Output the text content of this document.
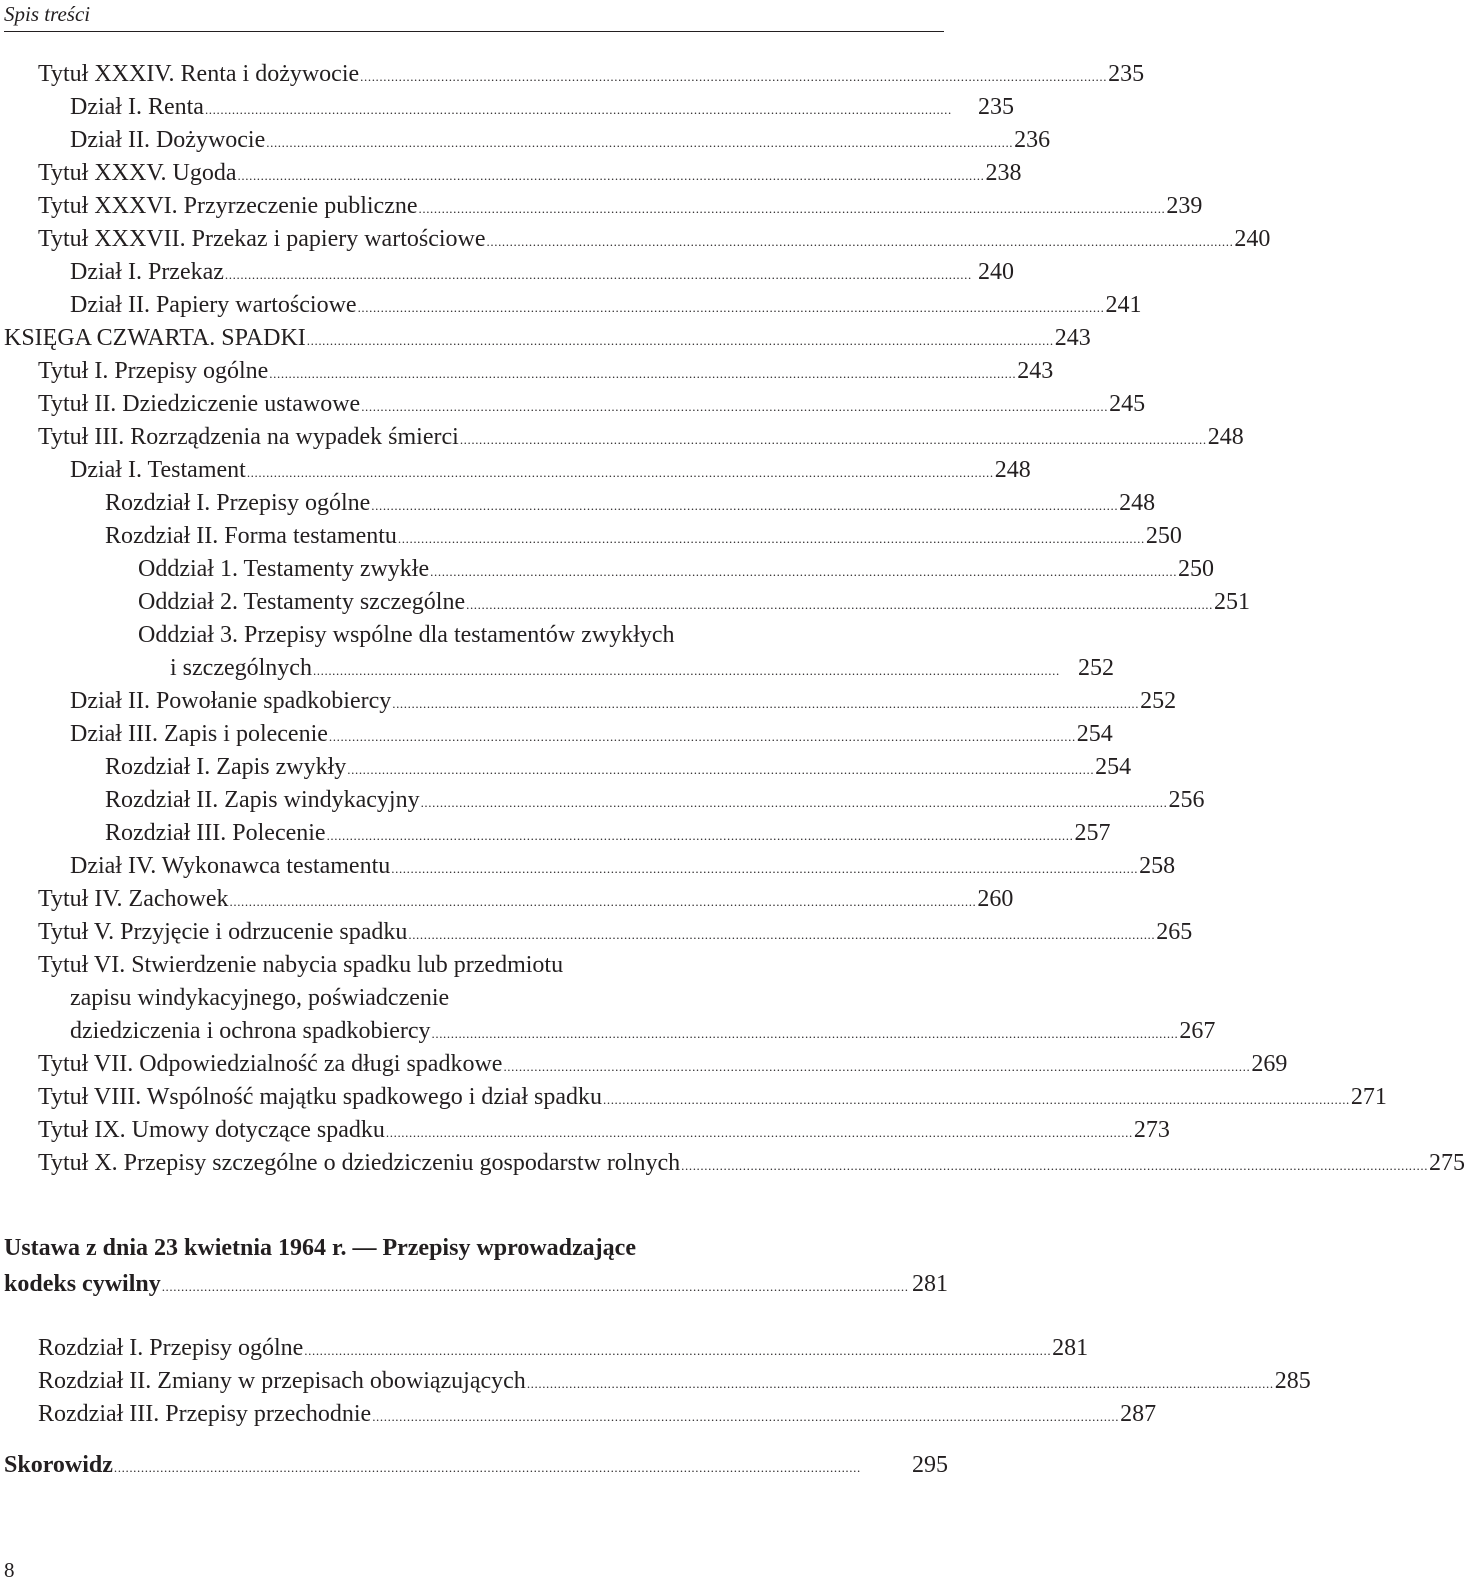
Spis treści
Tytuł XXXIV. Renta i dożywocie .................................................................................................................................................................................................. 235
Dział I. Renta ..................................................................................................................................................................................................	235
Dział II. Dożywocie .................................................................................................................................................................................................. 236
Tytuł XXXV. Ugoda .................................................................................................................................................................................................. 238
Tytuł XXXVI. Przyrzeczenie publiczne .................................................................................................................................................................................................. 239
Tytuł XXXVII. Przekaz i papiery wartościowe .................................................................................................................................................................................................. 240
Dział I. Przekaz .................................................................................................................................................................................................. 240
Dział II. Papiery wartościowe .................................................................................................................................................................................................. 241
KSIĘGA CZWARTA. SPADKI .................................................................................................................................................................................................. 243
Tytuł I. Przepisy ogólne .................................................................................................................................................................................................. 243
Tytuł II. Dziedziczenie ustawowe .................................................................................................................................................................................................. 245
Tytuł III. Rozrządzenia na wypadek śmierci .................................................................................................................................................................................................. 248
Dział I. Testament .................................................................................................................................................................................................. 248
Rozdział I. Przepisy ogólne .................................................................................................................................................................................................. 248
Rozdział II. Forma testamentu .................................................................................................................................................................................................. 250
Oddział 1. Testamenty zwykłe .................................................................................................................................................................................................. 250
Oddział 2. Testamenty szczególne .................................................................................................................................................................................................. 251
Oddział 3. Przepisy wspólne dla testamentów zwykłych
i szczególnych .................................................................................................................................................................................................. 252
Dział II. Powołanie spadkobiercy .................................................................................................................................................................................................. 252
Dział III. Zapis i polecenie .................................................................................................................................................................................................. 254
Rozdział I. Zapis zwykły .................................................................................................................................................................................................. 254
Rozdział II. Zapis windykacyjny .................................................................................................................................................................................................. 256
Rozdział III. Polecenie .................................................................................................................................................................................................. 257
Dział IV. Wykonawca testamentu .................................................................................................................................................................................................. 258
Tytuł IV. Zachowek .................................................................................................................................................................................................. 260
Tytuł V. Przyjęcie i odrzucenie spadku .................................................................................................................................................................................................. 265
Tytuł VI. Stwierdzenie nabycia spadku lub przedmiotu
zapisu windykacyjnego, poświadczenie
dziedziczenia i ochrona spadkobiercy .................................................................................................................................................................................................. 267
Tytuł VII. Odpowiedzialność za długi spadkowe .................................................................................................................................................................................................. 269
Tytuł VIII. Wspólność majątku spadkowego i dział spadku .................................................................................................................................................................................................. 271
Tytuł IX. Umowy dotyczące spadku .................................................................................................................................................................................................. 273
Tytuł X. Przepisy szczególne o dziedziczeniu gospodarstw rolnych .................................................................................................................................................................................................. 275
Ustawa z dnia 23 kwietnia 1964 r. — Przepisy wprowadzające
kodeks cywilny .................................................................................................................................................................................................. 281
Rozdział I. Przepisy ogólne .................................................................................................................................................................................................. 281
Rozdział II. Zmiany w przepisach obowiązujących .................................................................................................................................................................................................. 285
Rozdział III. Przepisy przechodnie .................................................................................................................................................................................................. 287
Skorowidz ..................................................................................................................................................................................................	295
8
